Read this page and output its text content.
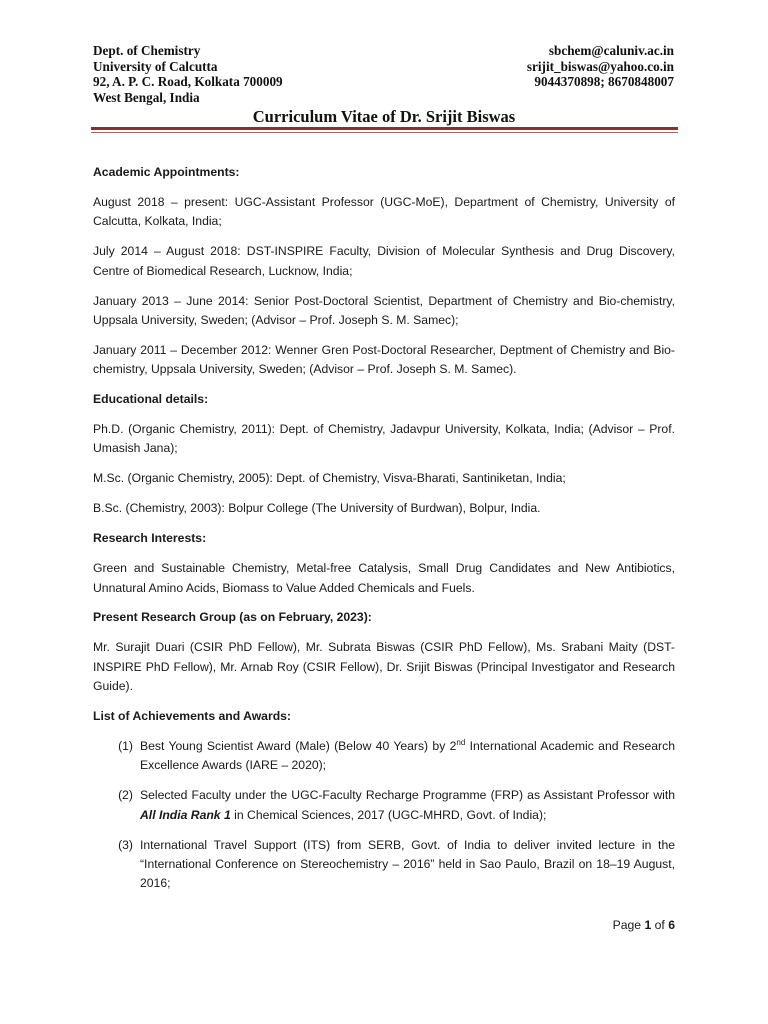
Dept. of Chemistry
University of Calcutta
92, A. P. C. Road, Kolkata 700009
West Bengal, India
sbchem@caluniv.ac.in
srijit_biswas@yahoo.co.in
9044370898; 8670848007
Curriculum Vitae of Dr. Srijit Biswas
Academic Appointments:
August 2018 – present: UGC-Assistant Professor (UGC-MoE), Department of Chemistry, University of Calcutta, Kolkata, India;
July 2014 – August 2018: DST-INSPIRE Faculty, Division of Molecular Synthesis and Drug Discovery, Centre of Biomedical Research, Lucknow, India;
January 2013 – June 2014: Senior Post-Doctoral Scientist, Department of Chemistry and Bio-chemistry, Uppsala University, Sweden; (Advisor – Prof. Joseph S. M. Samec);
January 2011 – December 2012: Wenner Gren Post-Doctoral Researcher, Deptment of Chemistry and Bio-chemistry, Uppsala University, Sweden; (Advisor – Prof. Joseph S. M. Samec).
Educational details:
Ph.D. (Organic Chemistry, 2011): Dept. of Chemistry, Jadavpur University, Kolkata, India; (Advisor – Prof. Umasish Jana);
M.Sc. (Organic Chemistry, 2005): Dept. of Chemistry, Visva-Bharati, Santiniketan, India;
B.Sc. (Chemistry, 2003): Bolpur College (The University of Burdwan), Bolpur, India.
Research Interests:
Green and Sustainable Chemistry, Metal-free Catalysis, Small Drug Candidates and New Antibiotics, Unnatural Amino Acids, Biomass to Value Added Chemicals and Fuels.
Present Research Group (as on February, 2023):
Mr. Surajit Duari (CSIR PhD Fellow), Mr. Subrata Biswas (CSIR PhD Fellow), Ms. Srabani Maity (DST-INSPIRE PhD Fellow), Mr. Arnab Roy (CSIR Fellow), Dr. Srijit Biswas (Principal Investigator and Research Guide).
List of Achievements and Awards:
(1) Best Young Scientist Award (Male) (Below 40 Years) by 2nd International Academic and Research Excellence Awards (IARE – 2020);
(2) Selected Faculty under the UGC-Faculty Recharge Programme (FRP) as Assistant Professor with All India Rank 1 in Chemical Sciences, 2017 (UGC-MHRD, Govt. of India);
(3) International Travel Support (ITS) from SERB, Govt. of India to deliver invited lecture in the “International Conference on Stereochemistry – 2016” held in Sao Paulo, Brazil on 18–19 August, 2016;
Page 1 of 6
